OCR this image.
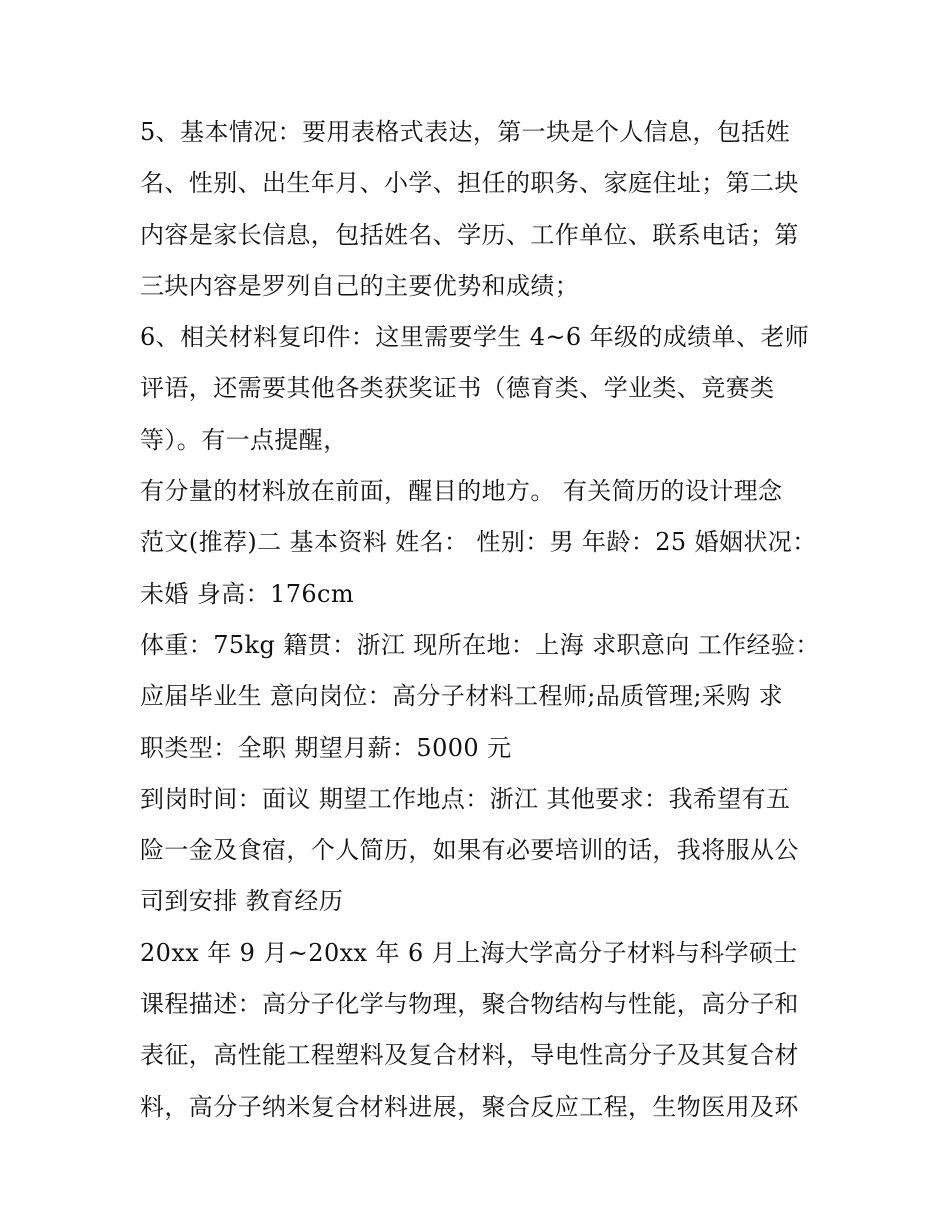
5、基本情况：要用表格式表达，第一块是个人信息，包括姓
名、性别、出生年月、小学、担任的职务、家庭住址；第二块
内容是家长信息，包括姓名、学历、工作单位、联系电话；第
三块内容是罗列自己的主要优势和成绩；
6、相关材料复印件：这里需要学生 4~6 年级的成绩单、老师
评语，还需要其他各类获奖证书（德育类、学业类、竞赛类
等）。有一点提醒，
有分量的材料放在前面，醒目的地方。 有关简历的设计理念
范文(推荐)二 基本资料 姓名： 性别：男 年龄：25 婚姻状况：
未婚 身高：176cm
体重：75kg 籍贯：浙江 现所在地：上海 求职意向 工作经验：
应届毕业生 意向岗位：高分子材料工程师;品质管理;采购 求
职类型：全职 期望月薪：5000 元
到岗时间：面议 期望工作地点：浙江 其他要求：我希望有五
险一金及食宿，个人简历，如果有必要培训的话，我将服从公
司到安排 教育经历
20xx 年 9 月~20xx 年 6 月上海大学高分子材料与科学硕士
课程描述：高分子化学与物理，聚合物结构与性能，高分子和
表征，高性能工程塑料及复合材料，导电性高分子及其复合材
料，高分子纳米复合材料进展，聚合反应工程，生物医用及环
